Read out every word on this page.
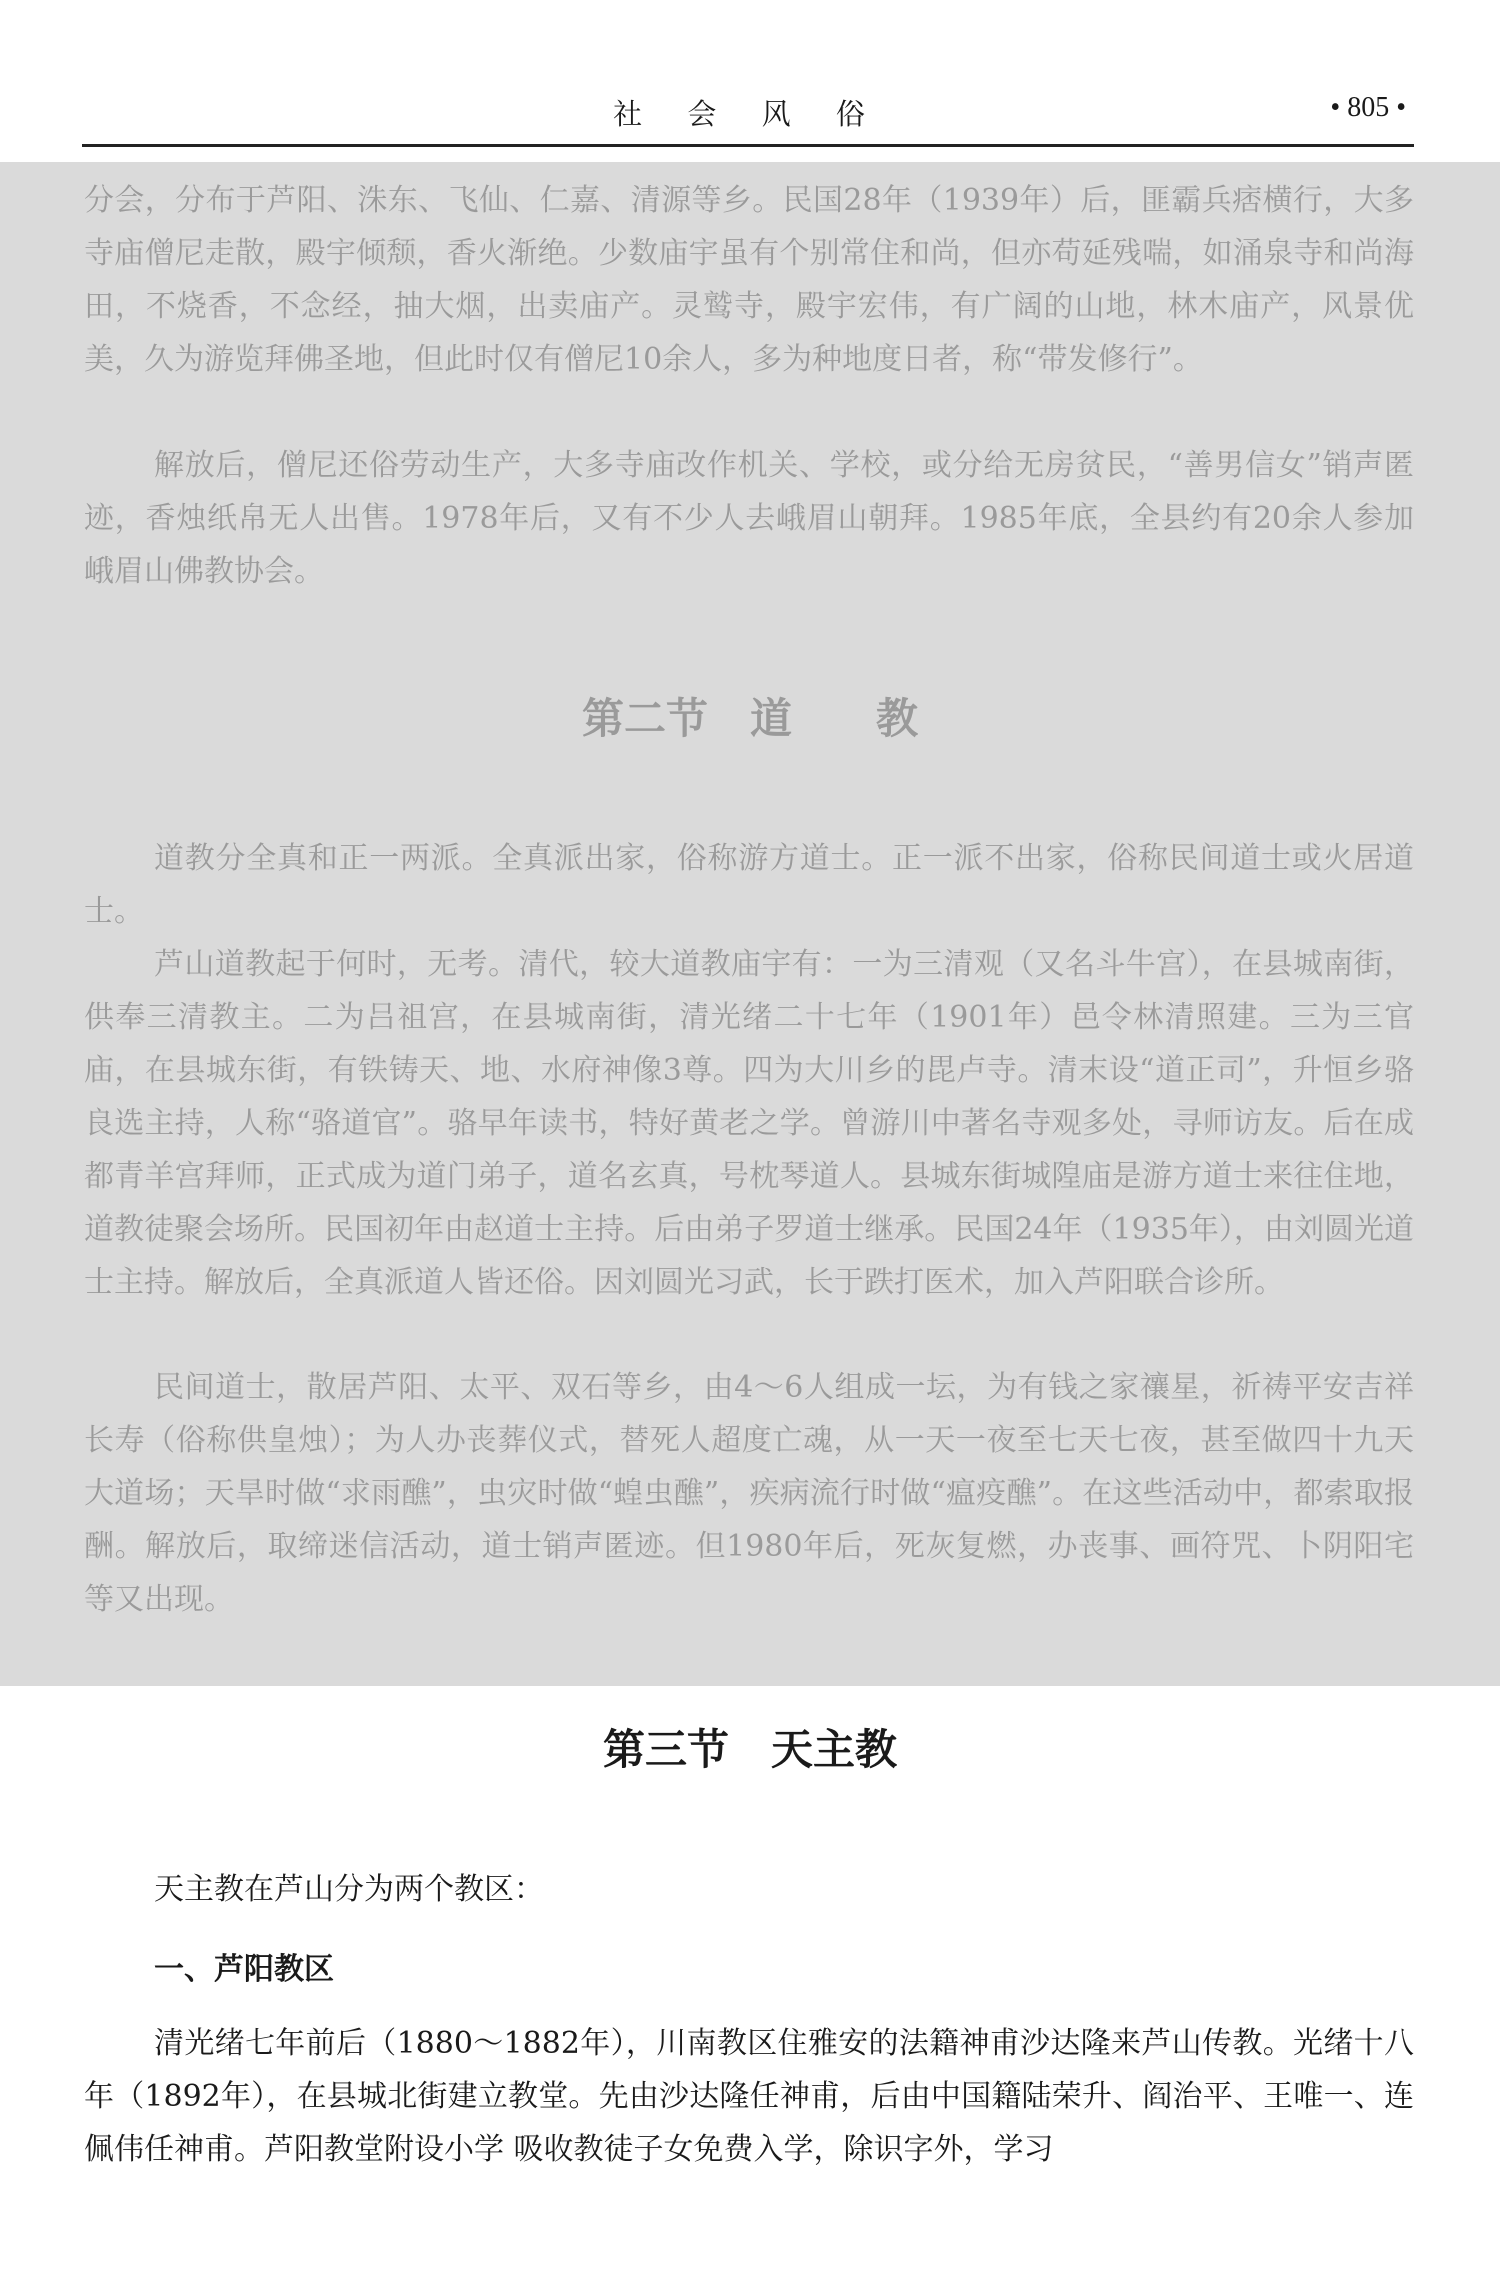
社 会 风 俗	• 805 •

分会，分布于芦阳、洙东、飞仙、仁嘉、清源等乡。民国28年（1939年）后，匪霸兵痞横行，大多寺庙僧尼走散，殿宇倾颓，香火渐绝。少数庙宇虽有个别常住和尚，但亦苟延残喘，如涌泉寺和尚海田，不烧香，不念经，抽大烟，出卖庙产。灵鹫寺，殿宇宏伟，有广阔的山地，林木庙产，风景优美，久为游览拜佛圣地，但此时仅有僧尼10余人，多为种地度日者，称“带发修行”。

解放后，僧尼还俗劳动生产，大多寺庙改作机关、学校，或分给无房贫民，“善男信女”销声匿迹，香烛纸帛无人出售。1978年后，又有不少人去峨眉山朝拜。1985年底，全县约有20余人参加峨眉山佛教协会。

第二节　道　　教

道教分全真和正一两派。全真派出家，俗称游方道士。正一派不出家，俗称民间道士或火居道士。

芦山道教起于何时，无考。清代，较大道教庙宇有：一为三清观（又名斗牛宫），在县城南街，供奉三清教主。二为吕祖宫，在县城南街，清光绪二十七年（1901年）邑令林清照建。三为三官庙，在县城东街，有铁铸天、地、水府神像3尊。四为大川乡的毘卢寺。清末设“道正司”，升恒乡骆良选主持，人称“骆道官”。骆早年读书，特好黄老之学。曾游川中著名寺观多处，寻师访友。后在成都青羊宫拜师，正式成为道门弟子，道名玄真，号枕琴道人。县城东街城隍庙是游方道士来往住地，道教徒聚会场所。民国初年由赵道士主持。后由弟子罗道士继承。民国24年（1935年），由刘圆光道士主持。解放后，全真派道人皆还俗。因刘圆光习武，长于跌打医术，加入芦阳联合诊所。

民间道士，散居芦阳、太平、双石等乡，由4～6人组成一坛，为有钱之家禳星，祈祷平安吉祥长寿（俗称供皇烛）；为人办丧葬仪式，替死人超度亡魂，从一天一夜至七天七夜，甚至做四十九天大道场；天旱时做“求雨醮”，虫灾时做“蝗虫醮”，疾病流行时做“瘟疫醮”。在这些活动中，都索取报酬。解放后，取缔迷信活动，道士销声匿迹。但1980年后，死灰复燃，办丧事、画符咒、卜阴阳宅等又出现。

第三节　天主教

天主教在芦山分为两个教区：

一、芦阳教区

清光绪七年前后（1880～1882年），川南教区住雅安的法籍神甫沙达隆来芦山传教。光绪十八年（1892年），在县城北街建立教堂。先由沙达隆任神甫，后由中国籍陆荣升、阎治平、王唯一、连佩伟任神甫。芦阳教堂附设小学 吸收教徒子女免费入学，除识字外，学习
